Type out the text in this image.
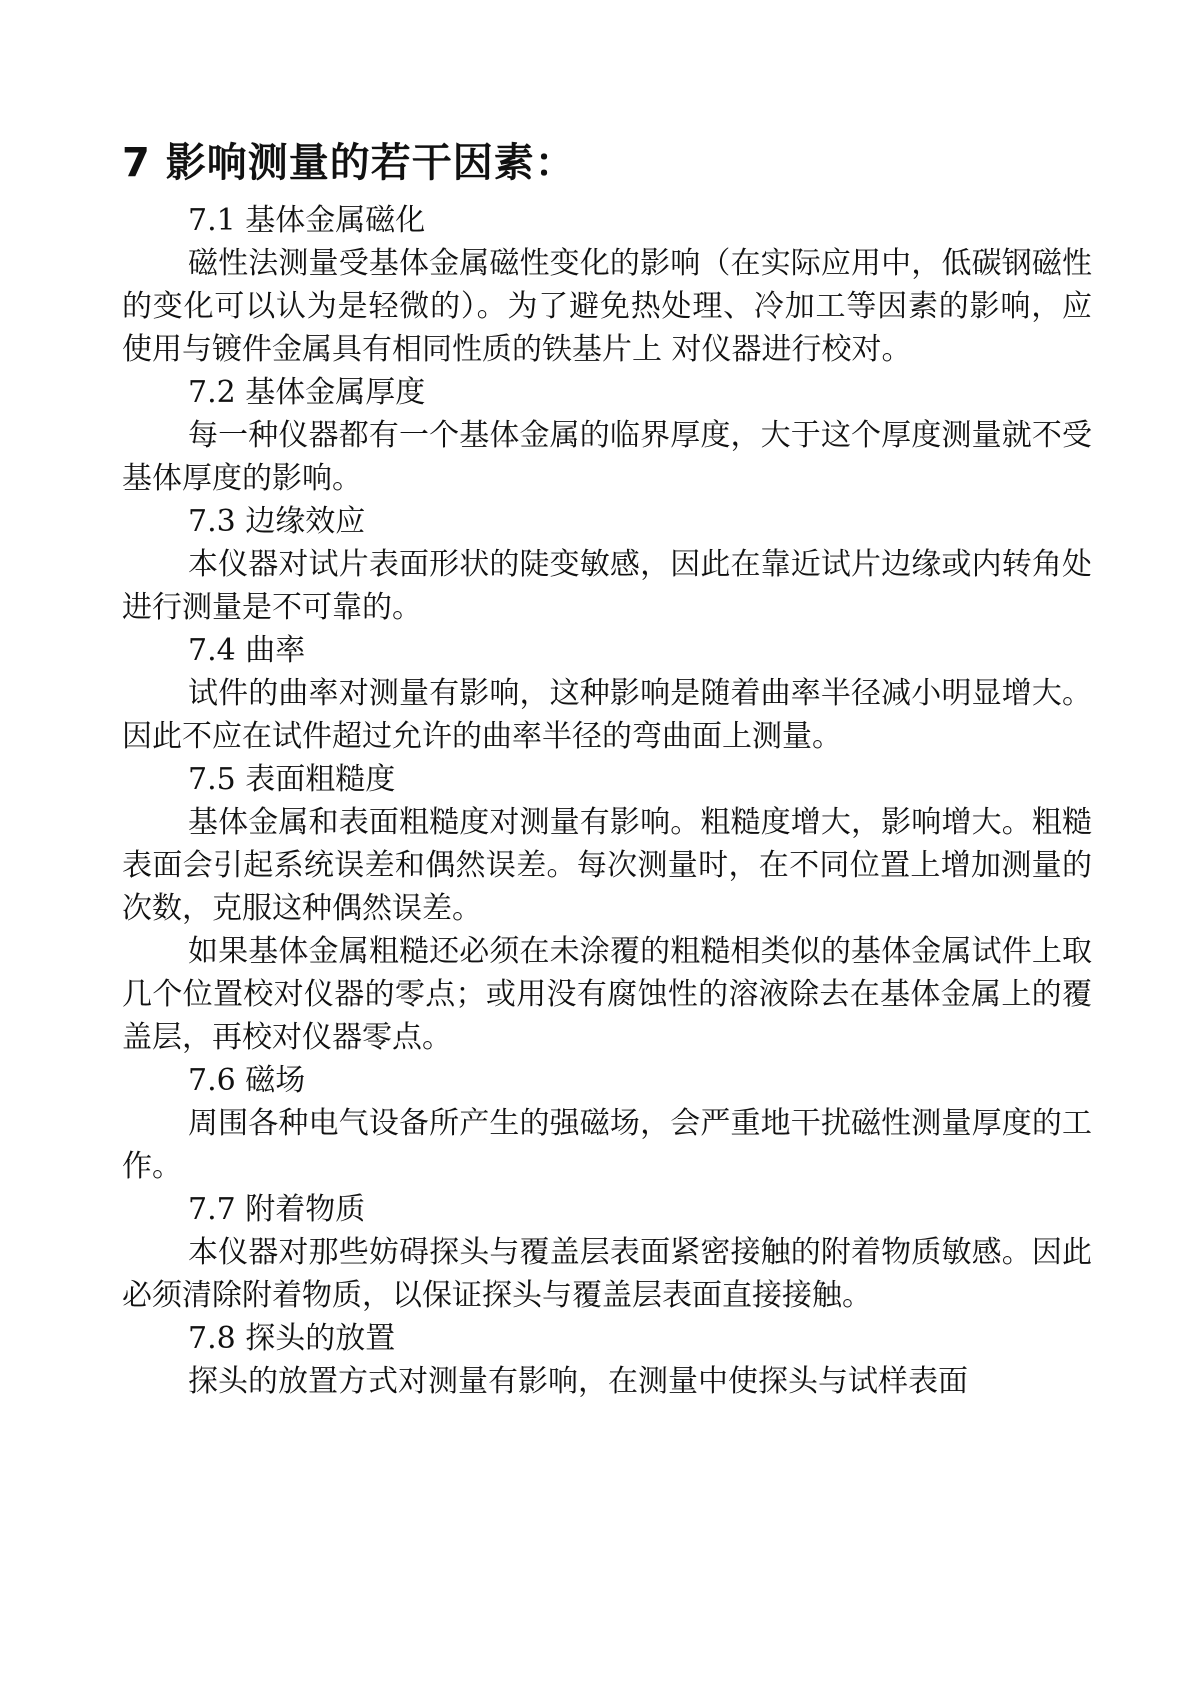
7 影响测量的若干因素：

7.1 基体金属磁化

磁性法测量受基体金属磁性变化的影响（在实际应用中，低碳钢磁性的变化可以认为是轻微的）。为了避免热处理、冷加工等因素的影响，应使用与镀件金属具有相同性质的铁基片上 对仪器进行校对。

7.2 基体金属厚度

每一种仪器都有一个基体金属的临界厚度，大于这个厚度测量就不受基体厚度的影响。

7.3 边缘效应

本仪器对试片表面形状的陡变敏感，因此在靠近试片边缘或内转角处进行测量是不可靠的。

7.4 曲率

试件的曲率对测量有影响，这种影响是随着曲率半径减小明显增大。因此不应在试件超过允许的曲率半径的弯曲面上测量。

7.5 表面粗糙度

基体金属和表面粗糙度对测量有影响。粗糙度增大，影响增大。粗糙表面会引起系统误差和偶然误差。每次测量时，在不同位置上增加测量的次数，克服这种偶然误差。

如果基体金属粗糙还必须在未涂覆的粗糙相类似的基体金属试件上取几个位置校对仪器的零点；或用没有腐蚀性的溶液除去在基体金属上的覆盖层，再校对仪器零点。

7.6 磁场

周围各种电气设备所产生的强磁场，会严重地干扰磁性测量厚度的工作。

7.7 附着物质

本仪器对那些妨碍探头与覆盖层表面紧密接触的附着物质敏感。因此必须清除附着物质，以保证探头与覆盖层表面直接接触。

7.8 探头的放置

探头的放置方式对测量有影响，在测量中使探头与试样表面
